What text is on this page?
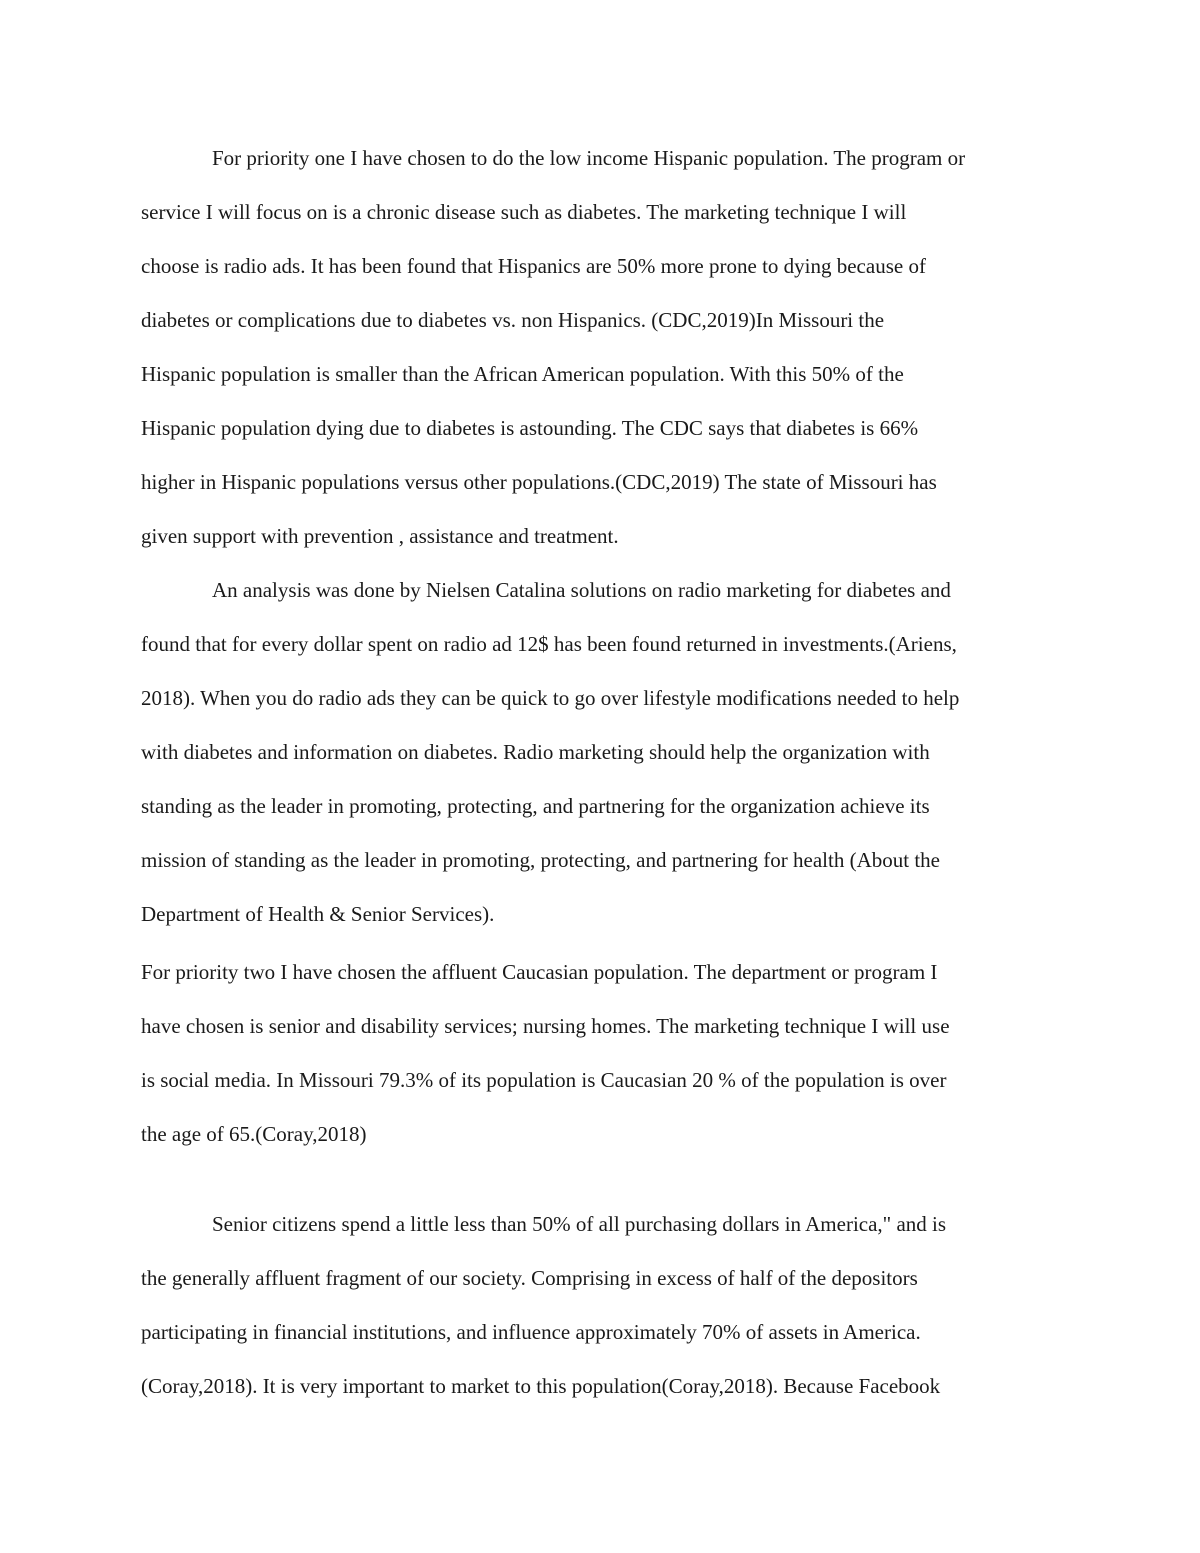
For priority one I have chosen to do the low income Hispanic population. The program or

service I will focus on is a chronic disease such as diabetes. The marketing technique I will

choose is radio ads. It has been found that Hispanics are 50% more prone to dying because of

diabetes or complications due to diabetes vs. non Hispanics. (CDC,2019)In Missouri the

Hispanic population is smaller than the African American population. With this 50% of the

Hispanic population dying due to diabetes is astounding. The CDC says that diabetes is 66%

higher in Hispanic populations versus other populations.(CDC,2019) The state of Missouri has

given support with prevention , assistance and treatment.

An analysis was done by Nielsen Catalina solutions on radio marketing for diabetes and

found that for every dollar spent on radio ad 12$ has been found returned in investments.(Ariens,

2018). When you do radio ads they can be quick to go over lifestyle modifications needed to help

with diabetes and information on diabetes. Radio marketing should help the organization with

standing as the leader in promoting, protecting, and partnering for the organization achieve its

mission of standing as the leader in promoting, protecting, and partnering for health (About the

Department of Health & Senior Services).

For priority two I have chosen the affluent Caucasian population. The department or program I

have chosen is senior and disability services; nursing homes. The marketing technique I will use

is social media. In Missouri 79.3% of its population is Caucasian 20 % of the population is over

the age of 65.(Coray,2018)

Senior citizens spend a little less than 50% of all purchasing dollars in America," and is

the generally affluent fragment of our society. Comprising in excess of half of the depositors

participating in financial institutions, and influence approximately 70% of assets in America.

(Coray,2018). It is very important to market to this population(Coray,2018). Because Facebook
